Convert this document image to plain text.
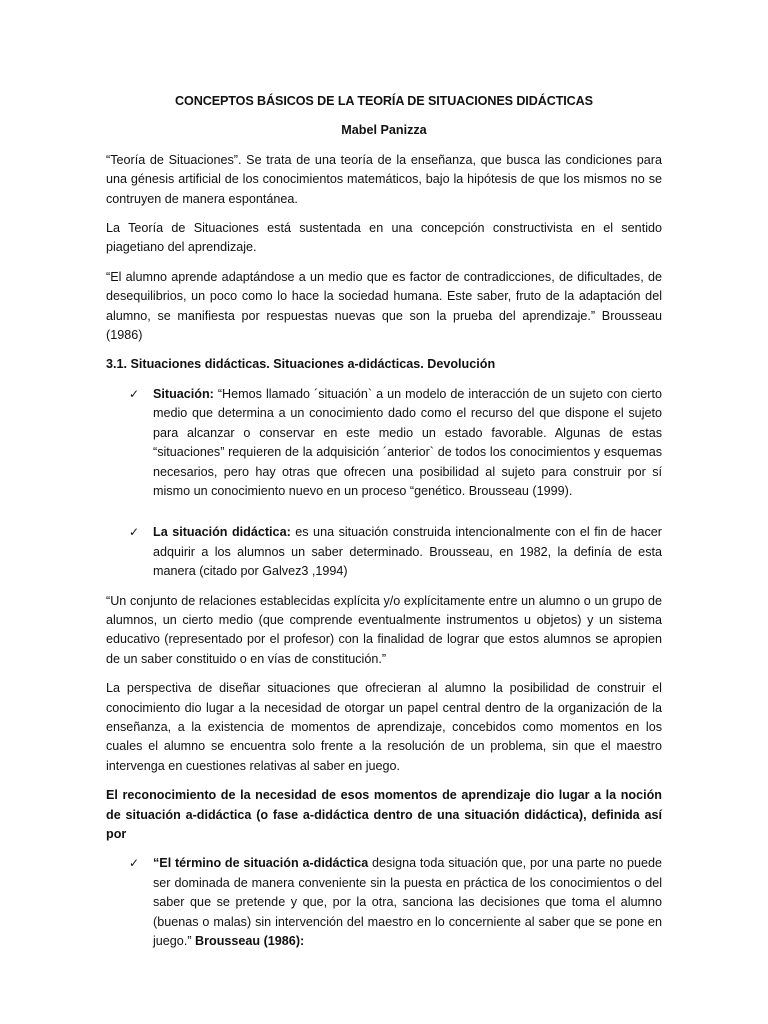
CONCEPTOS BÁSICOS DE LA TEORÍA DE SITUACIONES DIDÁCTICAS
Mabel Panizza

“Teoría de Situaciones”. Se trata de una teoría de la enseñanza, que busca las condiciones para una génesis artificial de los conocimientos matemáticos, bajo la hipótesis de que los mismos no se contruyen de manera espontánea.

La Teoría de Situaciones está sustentada en una concepción constructivista en el sentido piagetiano del aprendizaje.

“El alumno aprende adaptándose a un medio que es factor de contradicciones, de dificultades, de desequilibrios, un poco como lo hace la sociedad humana. Este saber, fruto de la adaptación del alumno, se manifiesta por respuestas nuevas que son la prueba del aprendizaje.” Brousseau (1986)

3.1. Situaciones didácticas. Situaciones a-didácticas. Devolución
✓ Situación: “Hemos llamado ´situación` a un modelo de interacción de un sujeto con cierto medio que determina a un conocimiento dado como el recurso del que dispone el sujeto para alcanzar o conservar en este medio un estado favorable. Algunas de estas “situaciones” requieren de la adquisición ´anterior` de todos los conocimientos y esquemas necesarios, pero hay otras que ofrecen una posibilidad al sujeto para construir por sí mismo un conocimiento nuevo en un proceso “genético. Brousseau (1999).
✓ La situación didáctica: es una situación construida intencionalmente con el fin de hacer adquirir a los alumnos un saber determinado. Brousseau, en 1982, la definía de esta manera (citado por Galvez3 ,1994)

“Un conjunto de relaciones establecidas explícita y/o explícitamente entre un alumno o un grupo de alumnos, un cierto medio (que comprende eventualmente instrumentos u objetos) y un sistema educativo (representado por el profesor) con la finalidad de lograr que estos alumnos se apropien de un saber constituido o en vías de constitución.”

La perspectiva de diseñar situaciones que ofrecieran al alumno la posibilidad de construir el conocimiento dio lugar a la necesidad de otorgar un papel central dentro de la organización de la enseñanza, a la existencia de momentos de aprendizaje, concebidos como momentos en los cuales el alumno se encuentra solo frente a la resolución de un problema, sin que el maestro intervenga en cuestiones relativas al saber en juego.

El reconocimiento de la necesidad de esos momentos de aprendizaje dio lugar a la noción de situación a-didáctica (o fase a-didáctica dentro de una situación didáctica), definida así por

✓ “El término de situación a-didáctica designa toda situación que, por una parte no puede ser dominada de manera conveniente sin la puesta en práctica de los conocimientos o del saber que se pretende y que, por la otra, sanciona las decisiones que toma el alumno (buenas o malas) sin intervención del maestro en lo concerniente al saber que se pone en juego.” Brousseau (1986):
